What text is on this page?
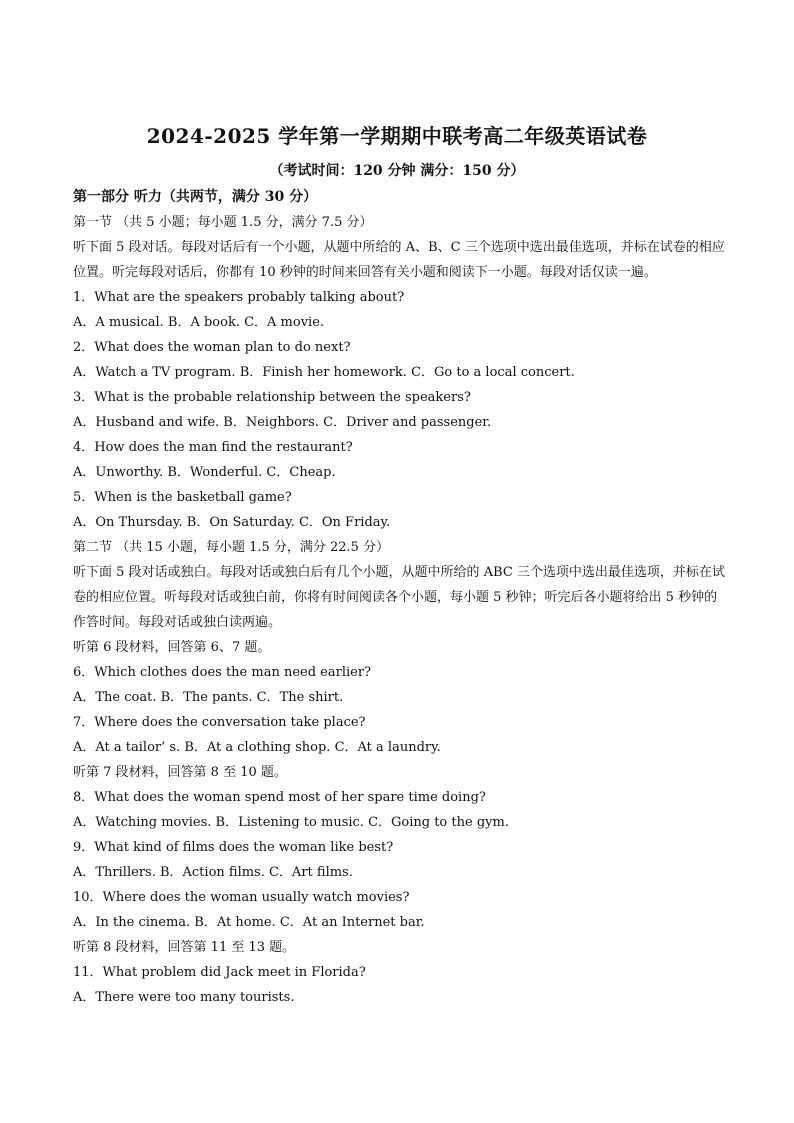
2024-2025 学年第一学期期中联考高二年级英语试卷
（考试时间：120 分钟 满分：150 分）
第一部分 听力（共两节，满分 30 分）
第一节 （共 5 小题；每小题 1.5 分，满分 7.5 分）
听下面 5 段对话。每段对话后有一个小题，从题中所给的 A、B、C 三个选项中选出最佳选项，并标在试卷的相应位置。听完每段对话后，你都有 10 秒钟的时间来回答有关小题和阅读下一小题。每段对话仅读一遍。
1．What are the speakers probably talking about?
A．A musical. B．A book. C．A movie.
2．What does the woman plan to do next?
A．Watch a TV program. B．Finish her homework. C．Go to a local concert.
3．What is the probable relationship between the speakers?
A．Husband and wife. B．Neighbors. C．Driver and passenger.
4．How does the man find the restaurant?
A．Unworthy. B．Wonderful. C．Cheap.
5．When is the basketball game?
A．On Thursday. B．On Saturday. C．On Friday.
第二节 （共 15 小题，每小题 1.5 分，满分 22.5 分）
听下面 5 段对话或独白。每段对话或独白后有几个小题，从题中所给的 ABC 三个选项中选出最佳选项，并标在试卷的相应位置。听每段对话或独白前，你将有时间阅读各个小题，每小题 5 秒钟；听完后各小题将给出 5 秒钟的作答时间。每段对话或独白读两遍。
听第 6 段材料，回答第 6、7 题。
6．Which clothes does the man need earlier?
A．The coat. B．The pants. C．The shirt.
7．Where does the conversation take place?
A．At a tailor’ s. B．At a clothing shop. C．At a laundry.
听第 7 段材料，回答第 8 至 10 题。
8．What does the woman spend most of her spare time doing?
A．Watching movies. B．Listening to music. C．Going to the gym.
9．What kind of films does the woman like best?
A．Thrillers. B．Action films. C．Art films.
10．Where does the woman usually watch movies?
A．In the cinema. B．At home. C．At an Internet bar.
听第 8 段材料，回答第 11 至 13 题。
11．What problem did Jack meet in Florida?
A．There were too many tourists.
